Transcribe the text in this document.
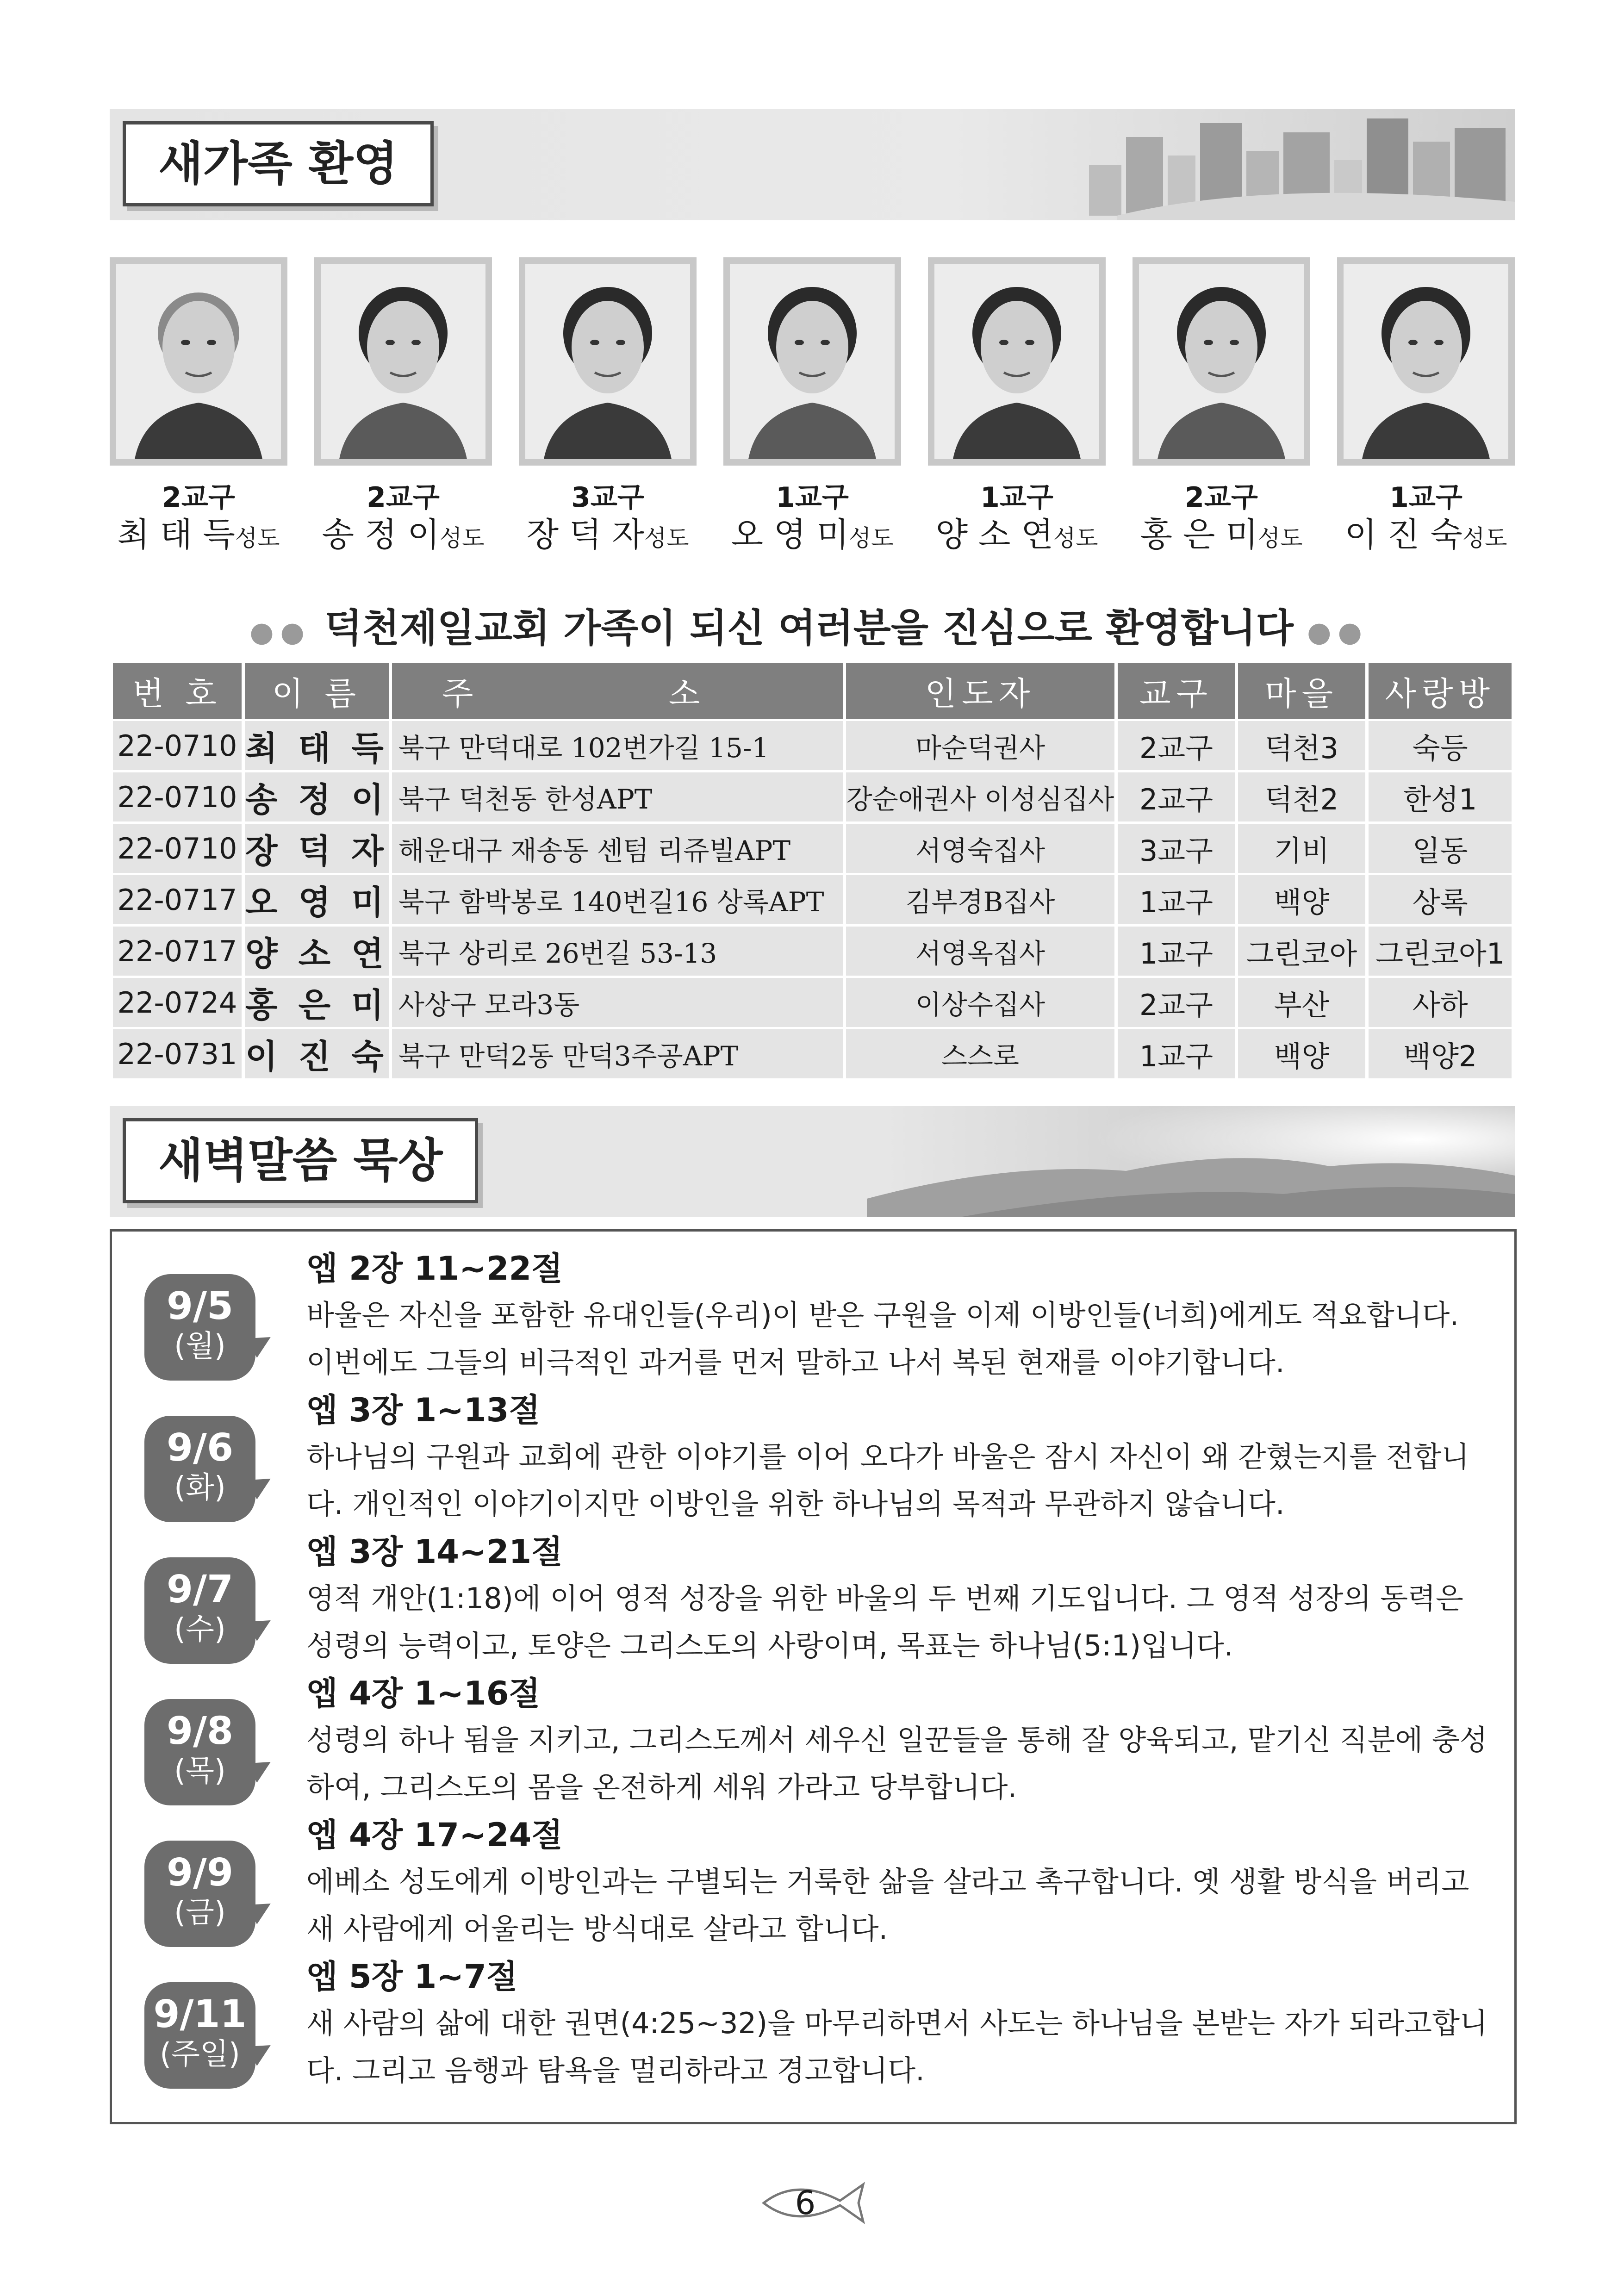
새가족 환영
2교구
최 태 득성도
2교구
송 정 이성도
3교구
장 덕 자성도
1교구
오 영 미성도
1교구
양 소 연성도
2교구
홍 은 미성도
1교구
이 진 숙성도
●● 덕천제일교회 가족이 되신 여러분을 진심으로 환영합니다 ●●
번 호	이 름	주 소	인도자	교구	마을	사랑방
22-0710	최 태 득	북구 만덕대로 102번가길 15-1	마순덕권사	2교구	덕천3	숙등
22-0710	송 정 이	북구 덕천동 한성APT	강순애권사 이성심집사	2교구	덕천2	한성1
22-0710	장 덕 자	해운대구 재송동 센텀 리쥬빌APT	서영숙집사	3교구	기비	일동
22-0717	오 영 미	북구 함박봉로 140번길16 상록APT	김부경B집사	1교구	백양	상록
22-0717	양 소 연	북구 상리로 26번길 53-13	서영옥집사	1교구	그린코아	그린코아1
22-0724	홍 은 미	사상구 모라3동	이상수집사	2교구	부산	사하
22-0731	이 진 숙	북구 만덕2동 만덕3주공APT	스스로	1교구	백양	백양2
새벽말씀 묵상
9/5
(월)
엡 2장 11~22절
바울은 자신을 포함한 유대인들(우리)이 받은 구원을 이제 이방인들(너희)에게도 적요합니다. 이번에도 그들의 비극적인 과거를 먼저 말하고 나서 복된 현재를 이야기합니다.
9/6
(화)
엡 3장 1~13절
하나님의 구원과 교회에 관한 이야기를 이어 오다가 바울은 잠시 자신이 왜 갇혔는지를 전합니다. 개인적인 이야기이지만 이방인을 위한 하나님의 목적과 무관하지 않습니다.
9/7
(수)
엡 3장 14~21절
영적 개안(1:18)에 이어 영적 성장을 위한 바울의 두 번째 기도입니다. 그 영적 성장의 동력은 성령의 능력이고, 토양은 그리스도의 사랑이며, 목표는 하나님(5:1)입니다.
9/8
(목)
엡 4장 1~16절
성령의 하나 됨을 지키고, 그리스도께서 세우신 일꾼들을 통해 잘 양육되고, 맡기신 직분에 충성하여, 그리스도의 몸을 온전하게 세워 가라고 당부합니다.
9/9
(금)
엡 4장 17~24절
에베소 성도에게 이방인과는 구별되는 거룩한 삶을 살라고 촉구합니다. 옛 생활 방식을 버리고 새 사람에게 어울리는 방식대로 살라고 합니다.
9/11
(주일)
엡 5장 1~7절
새 사람의 삶에 대한 권면(4:25~32)을 마무리하면서 사도는 하나님을 본받는 자가 되라고합니다. 그리고 음행과 탐욕을 멀리하라고 경고합니다.
6
